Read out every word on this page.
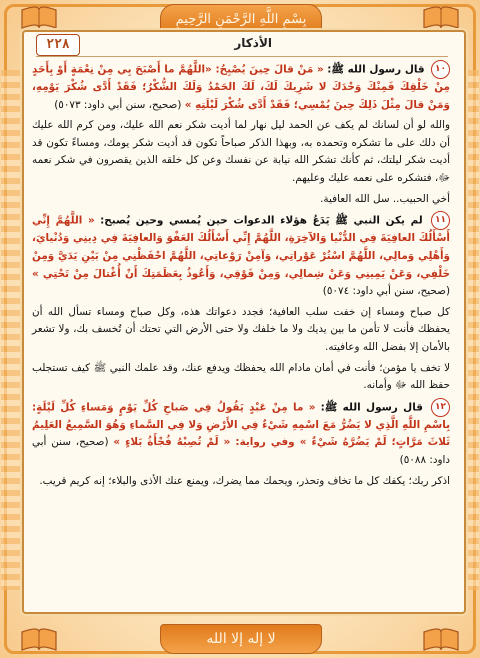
بِسْمِ اللَّهِ الرَّحْمَنِ الرَّحِيمِ
لا إله إلا الله
٢٢٨	الأذكار

١٠ قال رسول الله ﷺ: « مَنْ قالَ حِينَ يُصْبِحُ: «اللَّهُمَّ ما أَصْبَحَ بِي مِنْ نِعْمَةٍ أَوْ بِأَحَدٍ مِنْ خَلْقِكَ فَمِنْكَ وَحْدَكَ لا شَرِيكَ لَكَ، لَكَ الحَمْدُ وَلَكَ الشُّكْرُ؛ فَقَدْ أَدَّى شُكْرَ يَوْمِهِ، وَمَنْ قالَ مِثْلَ ذَلِكَ حِينَ يُمْسِي؛ فَقَدْ أَدَّى شُكْرَ لَيْلَتِهِ » (صحيح، سنن أبي داود: ٥٠٧٣)

والله لو أن لسانك لم يكف عن الحمد ليل نهار لما أديت شكر نعم الله عليك، ومن كرم الله عليك أن دلك على ما تشكره وتحمده به، وبهذا الذكر صباحاً تكون قد أديت شكر يومك، ومساءً تكون قد أديت شكر ليلتك، ثم كأنك تشكر الله نيابة عن نفسك وعن كل خلقه الذين يقصرون في شكر نعمه ﷻ، فتشكره على نعمه عليك وعليهم.

أخي الحبيب.. سل الله العافية.

١١ لم يكن النبي ﷺ يَدَعُ هؤلاء الدعوات حين يُمسي وحين يُصبح: « اللَّهُمَّ إِنِّي أَسْأَلُكَ العافِيَةَ فِي الدُّنْيا وَالآخِرَةِ، اللَّهُمَّ إِنِّي أَسْأَلُكَ العَفْوَ وَالعافِيَةَ فِي دِينِي وَدُنْيايَ، وَأَهْلِي وَمالِي، اللَّهُمَّ اسْتُرْ عَوْراتِي، وَآمِنْ رَوْعاتِي، اللَّهُمَّ احْفَظْنِي مِنْ بَيْنِ يَدَيَّ وَمِنْ خَلْفِي، وَعَنْ يَمِينِي وَعَنْ شِمالِي، وَمِنْ فَوْقِي، وَأَعُوذُ بِعَظَمَتِكَ أَنْ أُغْتالَ مِنْ تَحْتِي » (صحيح، سنن أبي داود: ٥٠٧٤)

كل صباح ومساء إن خفت سلب العافية؛ فجدد دعواتك هذه، وكل صباح ومساء تسأل الله أن يحفظك فأنت لا تأمن ما بين يديك ولا ما خلفك ولا حتى الأرض التي تحتك أن تُخسف بك، ولا تشعر بالأمان إلا بفضل الله وعافيته.

لا تخف يا مؤمن؛ فأنت في أمان مادام الله يحفظك ويدفع عنك، وقد علمك النبي ﷺ كيف تستجلب حفظ الله ﷻ وأمانه.

١٢ قال رسول الله ﷺ: « ما مِنْ عَبْدٍ يَقُولُ فِي صَباحِ كُلِّ يَوْمٍ وَمَساءِ كُلِّ لَيْلَةٍ: بِاسْمِ اللَّهِ الَّذِي لا يَضُرُّ مَعَ اسْمِهِ شَيْءٌ فِي الأَرْضِ وَلا فِي السَّماءِ وَهُوَ السَّمِيعُ العَلِيمُ ثَلاثَ مَرَّاتٍ؛ لَمْ يَضُرَّهُ شَيْءٌ » وفي رواية: « لَمْ تُصِبْهُ فُجْأَةُ بَلاءٍ » (صحيح، سنن أبي داود: ٥٠٨٨)

اذكر ربك؛ يكفك كل ما تخاف وتحذر، ويحمك مما يضرك، ويمنع عنك الأذى والبلاء؛ إنه كريم قريب.
